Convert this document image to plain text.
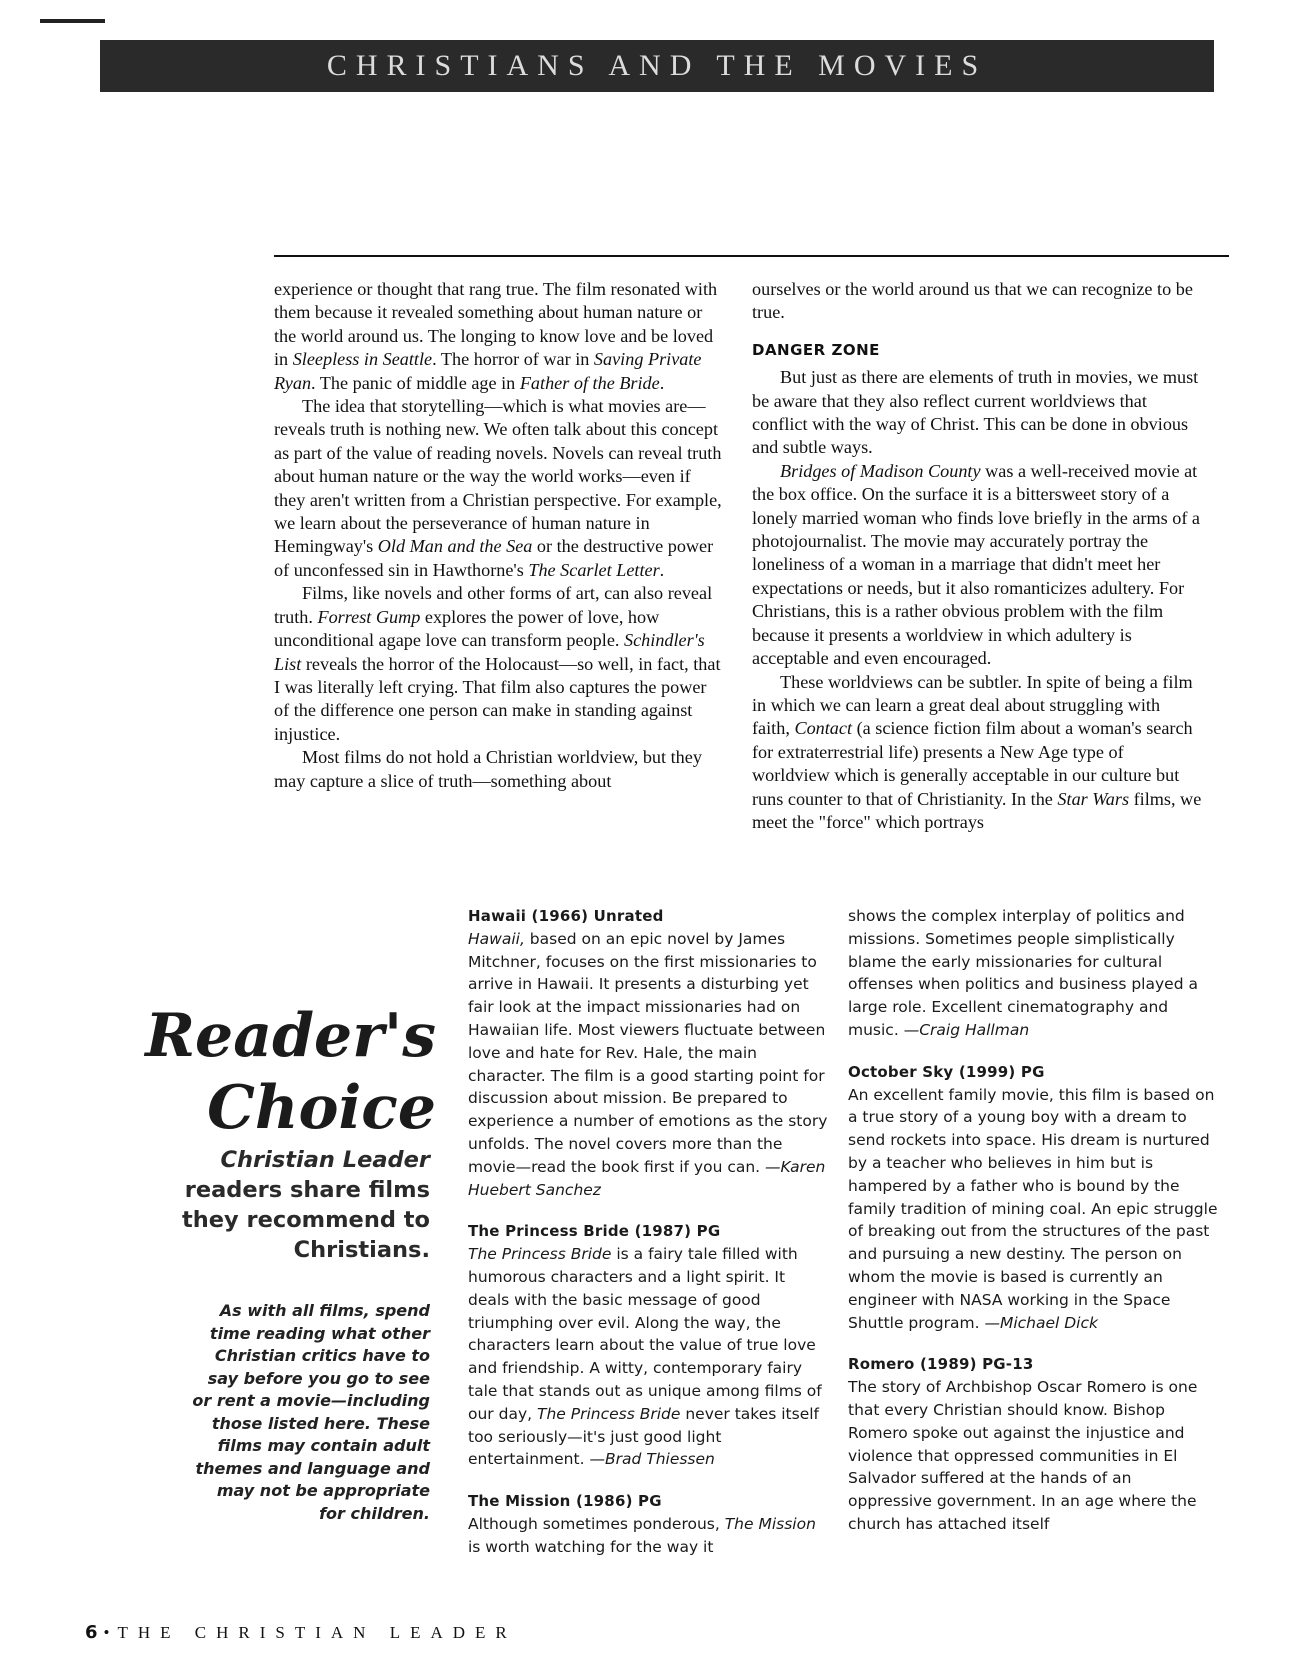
CHRISTIANS AND THE MOVIES

experience or thought that rang true. The film resonated with them because it revealed something about human nature or the world around us. The longing to know love and be loved in Sleepless in Seattle. The horror of war in Saving Private Ryan. The panic of middle age in Father of the Bride.

The idea that storytelling—which is what movies are—reveals truth is nothing new. We often talk about this concept as part of the value of reading novels. Novels can reveal truth about human nature or the way the world works—even if they aren't written from a Christian perspective. For example, we learn about the perseverance of human nature in Hemingway's Old Man and the Sea or the destructive power of unconfessed sin in Hawthorne's The Scarlet Letter.

Films, like novels and other forms of art, can also reveal truth. Forrest Gump explores the power of love, how unconditional agape love can transform people. Schindler's List reveals the horror of the Holocaust—so well, in fact, that I was literally left crying. That film also captures the power of the difference one person can make in standing against injustice.

Most films do not hold a Christian worldview, but they may capture a slice of truth—something about

ourselves or the world around us that we can recognize to be true.

DANGER ZONE

But just as there are elements of truth in movies, we must be aware that they also reflect current worldviews that conflict with the way of Christ. This can be done in obvious and subtle ways.

Bridges of Madison County was a well-received movie at the box office. On the surface it is a bittersweet story of a lonely married woman who finds love briefly in the arms of a photojournalist. The movie may accurately portray the loneliness of a woman in a marriage that didn't meet her expectations or needs, but it also romanticizes adultery. For Christians, this is a rather obvious problem with the film because it presents a worldview in which adultery is acceptable and even encouraged.

These worldviews can be subtler. In spite of being a film in which we can learn a great deal about struggling with faith, Contact (a science fiction film about a woman's search for extraterrestrial life) presents a New Age type of worldview which is generally acceptable in our culture but runs counter to that of Christianity. In the Star Wars films, we meet the "force" which portrays

Reader's
Choice
Christian Leader readers share films they recommend to Christians.
As with all films, spend time reading what other Christian critics have to say before you go to see or rent a movie—including those listed here. These films may contain adult themes and language and may not be appropriate for children.
Hawaii (1966) Unrated

Hawaii, based on an epic novel by James Mitchner, focuses on the first missionaries to arrive in Hawaii. It presents a disturbing yet fair look at the impact missionaries had on Hawaiian life. Most viewers fluctuate between love and hate for Rev. Hale, the main character. The film is a good starting point for discussion about mission. Be prepared to experience a number of emotions as the story unfolds. The novel covers more than the movie—read the book first if you can. —Karen Huebert Sanchez

The Princess Bride (1987) PG

The Princess Bride is a fairy tale filled with humorous characters and a light spirit. It deals with the basic message of good triumphing over evil. Along the way, the characters learn about the value of true love and friendship. A witty, contemporary fairy tale that stands out as unique among films of our day, The Princess Bride never takes itself too seriously—it's just good light entertainment. —Brad Thiessen

The Mission (1986) PG

Although sometimes ponderous, The Mission is worth watching for the way it

shows the complex interplay of politics and missions. Sometimes people simplistically blame the early missionaries for cultural offenses when politics and business played a large role. Excellent cinematography and music. —Craig Hallman

October Sky (1999) PG

An excellent family movie, this film is based on a true story of a young boy with a dream to send rockets into space. His dream is nurtured by a teacher who believes in him but is hampered by a father who is bound by the family tradition of mining coal. An epic struggle of breaking out from the structures of the past and pursuing a new destiny. The person on whom the movie is based is currently an engineer with NASA working in the Space Shuttle program. —Michael Dick

Romero (1989) PG-13

The story of Archbishop Oscar Romero is one that every Christian should know. Bishop Romero spoke out against the injustice and violence that oppressed communities in El Salvador suffered at the hands of an oppressive government. In an age where the church has attached itself

6 • THE CHRISTIAN LEADER
